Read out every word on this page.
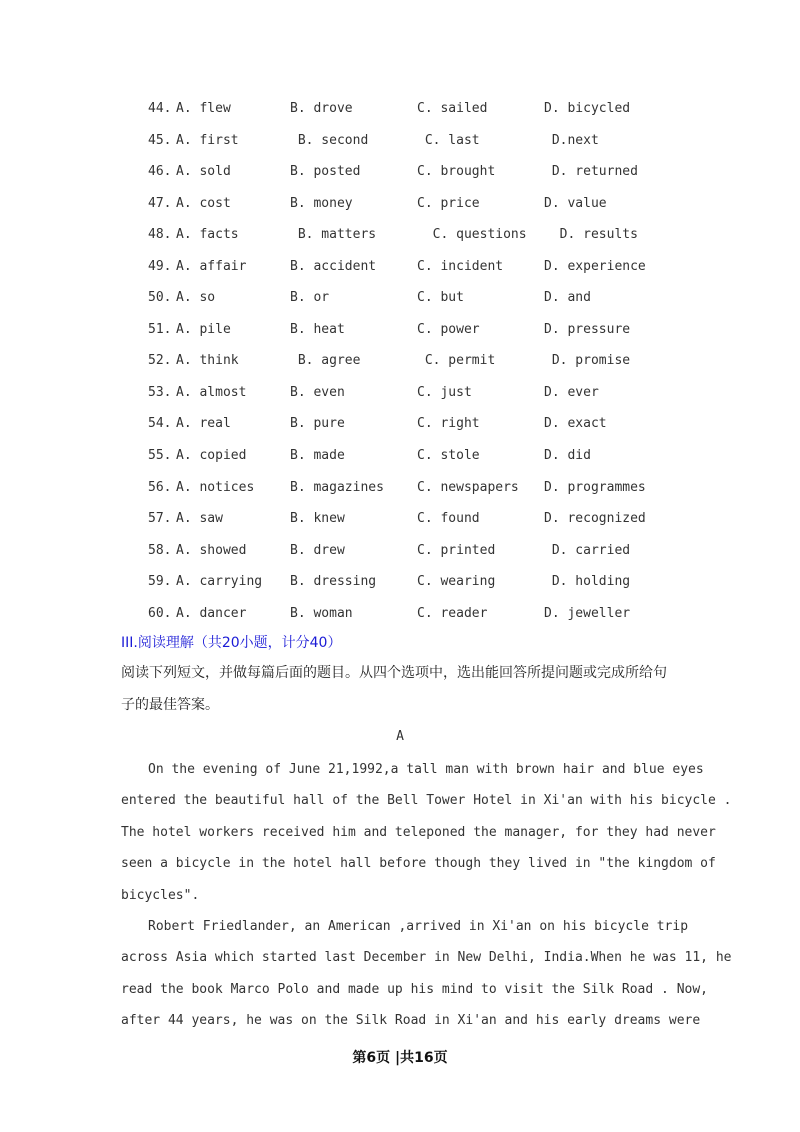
44. A. flew	B. drove	C. sailed	D. bicycled
45. A. first	B. second	C. last	D.next
46. A. sold	B. posted	C. brought	D. returned
47. A. cost	B. money	C. price	D. value
48. A. facts	B. matters	C. questions D. results
49. A. affair	B. accident	C. incident	D. experience
50. A. so	B. or	C. but	D. and
51. A. pile	B. heat	C. power	D. pressure
52. A. think	B. agree	C. permit	D. promise
53. A. almost	B. even	C. just	D. ever
54. A. real	B. pure	C. right	D. exact
55. A. copied	B. made	C. stole	D. did
56. A. notices	B. magazines	C. newspapers D. programmes
57. A. saw	B. knew	C. found	D. recognized
58. A. showed	B. drew	C. printed	D. carried
59. A. carrying B. dressing	C. wearing	D. holding
60. A. dancer	B. woman	C. reader	D. jeweller
III.阅读理解（共20小题，计分40）
阅读下列短文，并做每篇后面的题目。从四个选项中，选出能回答所提问题或完成所给句
子的最佳答案。
A
On the evening of June 21,1992,a tall man with brown hair and blue eyes
entered the beautiful hall of the Bell Tower Hotel in Xi'an with his bicycle .
The hotel workers received him and teleponed the manager, for they had never
seen a bicycle in the hotel hall before though they lived in "the kingdom of
bicycles".
Robert Friedlander, an American ,arrived in Xi'an on his bicycle trip
across Asia which started last December in New Delhi, India.When he was 11, he
read the book Marco Polo and made up his mind to visit the Silk Road . Now,
after 44 years, he was on the Silk Road in Xi'an and his early dreams were
第6页 |共16页
